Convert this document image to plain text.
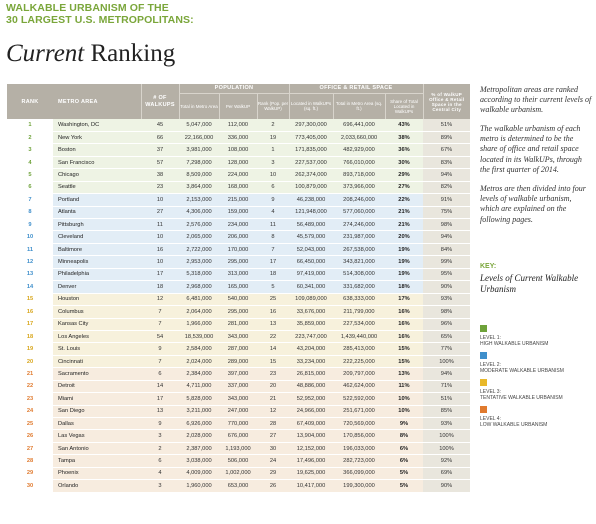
WALKABLE URBANISM OF THE
30 LARGEST U.S. METROPOLITANS:
Current Ranking
RANK	METRO AREA	# OF WALKUPS	POPULATION			OFFICE & RETAIL SPACE			% of WalkUP Office & Retail Space in the Central City
			Total in Metro Area	Per WalkUP	Rank (Pop. per WalkUP)	Located in WalkUPs (sq. ft.)	Total in Metro Area (sq. ft.)	Share of Total Located in WalkUPs	
1	Washington, DC	45	5,047,000	112,000	2	297,300,000	696,441,000	43%	51%
2	New York	66	22,166,000	336,000	19	773,405,000	2,033,660,000	38%	89%
3	Boston	37	3,981,000	108,000	1	171,835,000	482,929,000	36%	67%
4	San Francisco	57	7,298,000	128,000	3	227,537,000	766,010,000	30%	83%
5	Chicago	38	8,509,000	224,000	10	262,374,000	893,718,000	29%	94%
6	Seattle	23	3,864,000	168,000	6	100,879,000	373,966,000	27%	82%
7	Portland	10	2,153,000	215,000	9	46,238,000	208,246,000	22%	91%
8	Atlanta	27	4,306,000	159,000	4	121,948,000	577,060,000	21%	75%
9	Pittsburgh	11	2,576,000	234,000	11	56,489,000	274,246,000	21%	98%
10	Cleveland	10	2,065,000	206,000	8	45,579,000	231,987,000	20%	94%
11	Baltimore	16	2,722,000	170,000	7	52,043,000	267,538,000	19%	84%
12	Minneapolis	10	2,953,000	295,000	17	66,450,000	343,821,000	19%	99%
13	Philadelphia	17	5,318,000	313,000	18	97,419,000	514,308,000	19%	95%
14	Denver	18	2,968,000	165,000	5	60,341,000	331,682,000	18%	90%
15	Houston	12	6,481,000	540,000	25	109,089,000	638,333,000	17%	93%
16	Columbus	7	2,064,000	295,000	16	33,676,000	211,799,000	16%	98%
17	Kansas City	7	1,966,000	281,000	13	35,859,000	227,534,000	16%	96%
18	Los Angeles	54	18,539,000	343,000	22	223,747,000	1,439,440,000	16%	65%
19	St. Louis	9	2,584,000	287,000	14	43,204,000	285,413,000	15%	77%
20	Cincinnati	7	2,024,000	289,000	15	33,234,000	222,225,000	15%	100%
21	Sacramento	6	2,384,000	397,000	23	26,815,000	209,797,000	13%	94%
22	Detroit	14	4,711,000	337,000	20	48,886,000	462,624,000	11%	71%
23	Miami	17	5,828,000	343,000	21	52,952,000	522,592,000	10%	51%
24	San Diego	13	3,211,000	247,000	12	24,966,000	251,671,000	10%	85%
25	Dallas	9	6,926,000	770,000	28	67,409,000	720,569,000	9%	93%
26	Las Vegas	3	2,028,000	676,000	27	13,904,000	170,856,000	8%	100%
27	San Antonio	2	2,387,000	1,193,000	30	12,152,000	196,033,000	6%	100%
28	Tampa	6	3,038,000	506,000	24	17,496,000	282,723,000	6%	92%
29	Phoenix	4	4,009,000	1,002,000	29	19,625,000	366,099,000	5%	69%
30	Orlando	3	1,960,000	653,000	26	10,417,000	199,300,000	5%	90%
Metropolitan areas are ranked according to their current levels of walkable urbanism.
The walkable urbanism of each metro is determined to be the share of office and retail space located in its WalkUPs, through the first quarter of 2014.
Metros are then divided into four levels of walkable urbanism, which are explained on the following pages.
KEY:
Levels of Current Walkable Urbanism
LEVEL 1:
HIGH WALKABLE URBANISM
LEVEL 2:
MODERATE WALKABLE URBANISM
LEVEL 3:
TENTATIVE WALKABLE URBANISM
LEVEL 4:
LOW WALKABLE URBANISM
